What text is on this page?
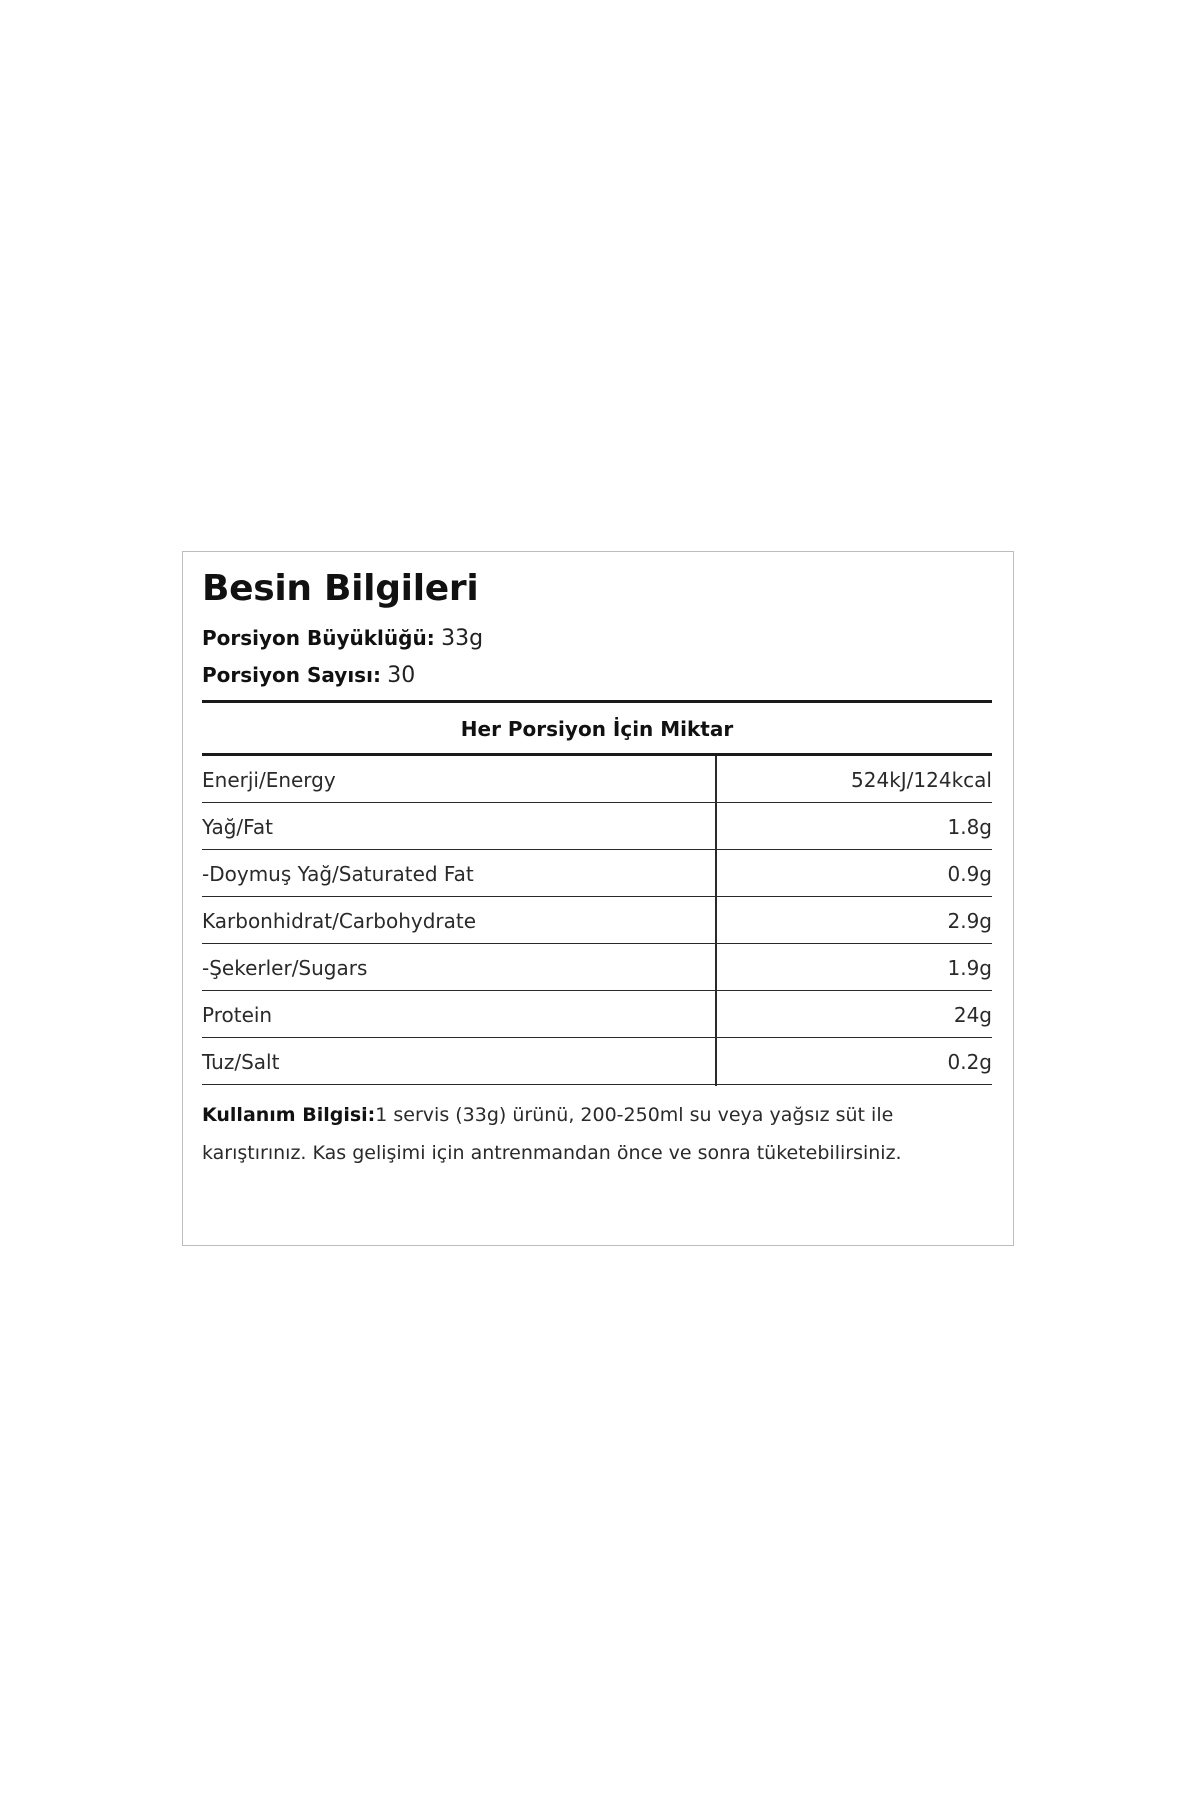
Besin Bilgileri
Porsiyon Büyüklüğü: 33g
Porsiyon Sayısı: 30
Her Porsiyon İçin Miktar
Enerji/Energy	524kJ/124kcal
Yağ/Fat	1.8g
-Doymuş Yağ/Saturated Fat	0.9g
Karbonhidrat/Carbohydrate	2.9g
-Şekerler/Sugars	1.9g
Protein	24g
Tuz/Salt	0.2g
Kullanım Bilgisi:1 servis (33g) ürünü, 200-250ml su veya yağsız süt ile karıştırınız. Kas gelişimi için antrenmandan önce ve sonra tüketebilirsiniz.
